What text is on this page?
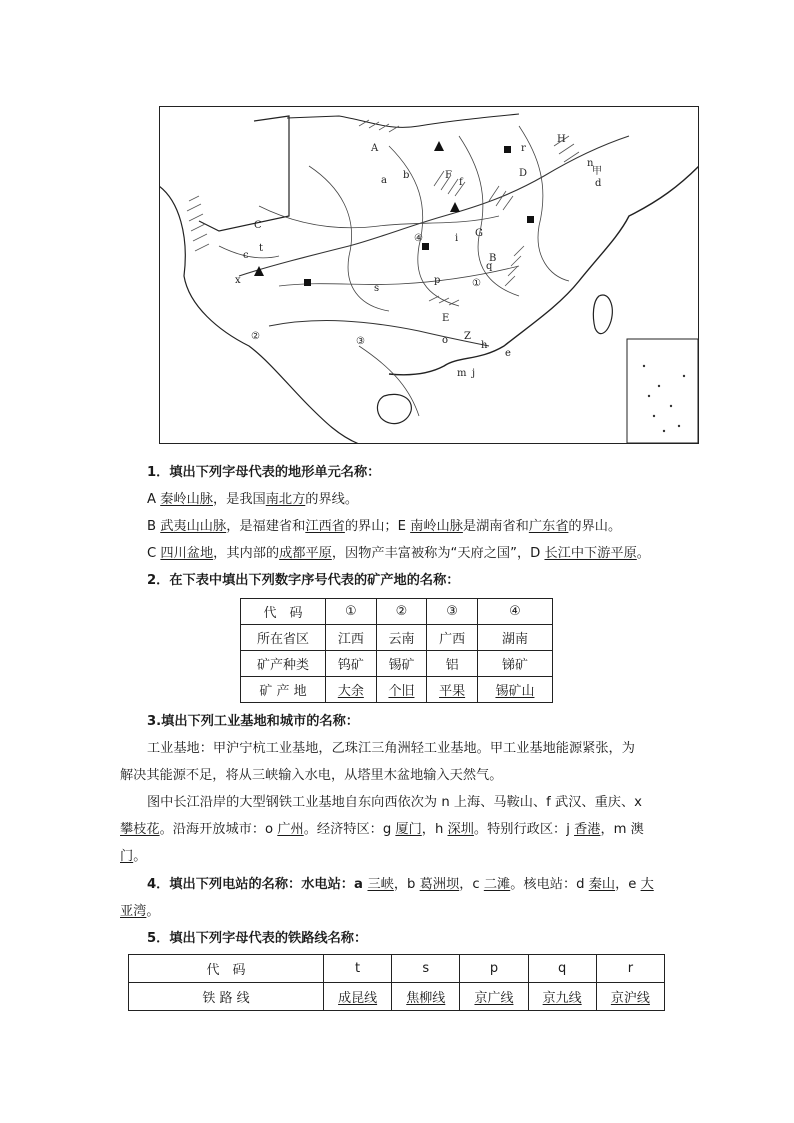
A
B
C
D
E
F
G
H
a b
c
d
e
f
甲
h
i
j
m
n
o
p
q
r
s
t
x
Z
①
②	③
④
1．填出下列字母代表的地形单元名称：
A 秦岭山脉，是我国南北方的界线。
B 武夷山山脉，是福建省和江西省的界山；E 南岭山脉是湖南省和广东省的界山。
C 四川盆地，其内部的成都平原，因物产丰富被称为“天府之国”，D 长江中下游平原。
2．在下表中填出下列数字序号代表的矿产地的名称：
代　码	①	②	③	④
所在省区	江西	云南	广西	湖南
矿产种类	钨矿	锡矿	铝	锑矿
矿 产 地	大余	个旧	平果	锡矿山
3.填出下列工业基地和城市的名称：
工业基地：甲沪宁杭工业基地，乙珠江三角洲轻工业基地。甲工业基地能源紧张，为
解决其能源不足，将从三峡输入水电，从塔里木盆地输入天然气。
图中长江沿岸的大型钢铁工业基地自东向西依次为 n 上海、马鞍山、f 武汉、重庆、x
攀枝花。沿海开放城市：o 广州。经济特区：g 厦门，h 深圳。特别行政区：j 香港，m 澳
门。
4．填出下列电站的名称：水电站：a 三峡，b 葛洲坝，c 二滩。核电站：d 秦山，e 大
亚湾。
5．填出下列字母代表的铁路线名称：
代　码	t	s	p	q	r
铁 路 线	成昆线	焦柳线	京广线	京九线	京沪线
